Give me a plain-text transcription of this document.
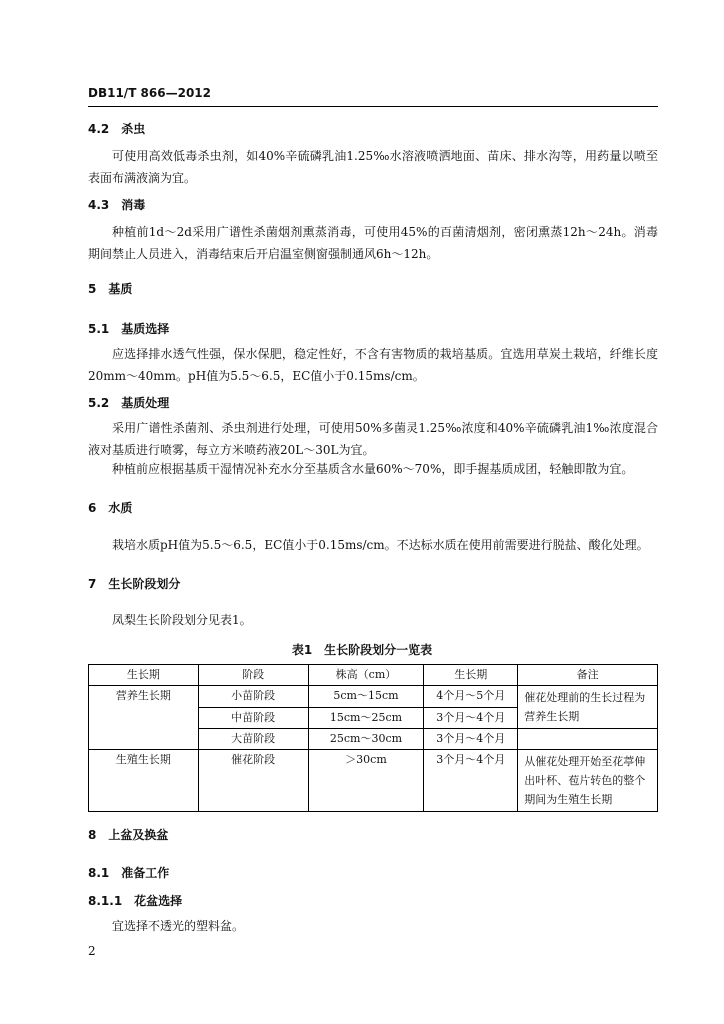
DB11/T 866—2012
4.2　杀虫
可使用高效低毒杀虫剂，如40%辛硫磷乳油1.25‰水溶液喷洒地面、苗床、排水沟等，用药量以喷至表面布满液滴为宜。
4.3　消毒
种植前1d～2d采用广谱性杀菌烟剂熏蒸消毒，可使用45%的百菌清烟剂，密闭熏蒸12h～24h。消毒期间禁止人员进入，消毒结束后开启温室侧窗强制通风6h～12h。
5　基质
5.1　基质选择
应选择排水透气性强，保水保肥，稳定性好，不含有害物质的栽培基质。宜选用草炭土栽培，纤维长度20mm～40mm。pH值为5.5～6.5，EC值小于0.15ms/cm。
5.2　基质处理
采用广谱性杀菌剂、杀虫剂进行处理，可使用50%多菌灵1.25‰浓度和40%辛硫磷乳油1‰浓度混合液对基质进行喷雾，每立方米喷药液20L～30L为宜。
种植前应根据基质干湿情况补充水分至基质含水量60%～70%，即手握基质成团，轻触即散为宜。
6　水质
栽培水质pH值为5.5～6.5，EC值小于0.15ms/cm。不达标水质在使用前需要进行脱盐、酸化处理。
7　生长阶段划分
凤梨生长阶段划分见表1。
表1　生长阶段划分一览表
生长期	阶段	株高（cm）	生长期	备注
营养生长期	小苗阶段	5cm～15cm	4个月～5个月	催花处理前的生长过程为营养生长期
	中苗阶段	15cm～25cm	3个月～4个月	
	大苗阶段	25cm～30cm	3个月～4个月	
生殖生长期	催花阶段	＞30cm	3个月～4个月	从催花处理开始至花葶伸出叶杯、苞片转色的整个期间为生殖生长期
8　上盆及换盆
8.1　准备工作
8.1.1　花盆选择
宜选择不透光的塑料盆。
2
